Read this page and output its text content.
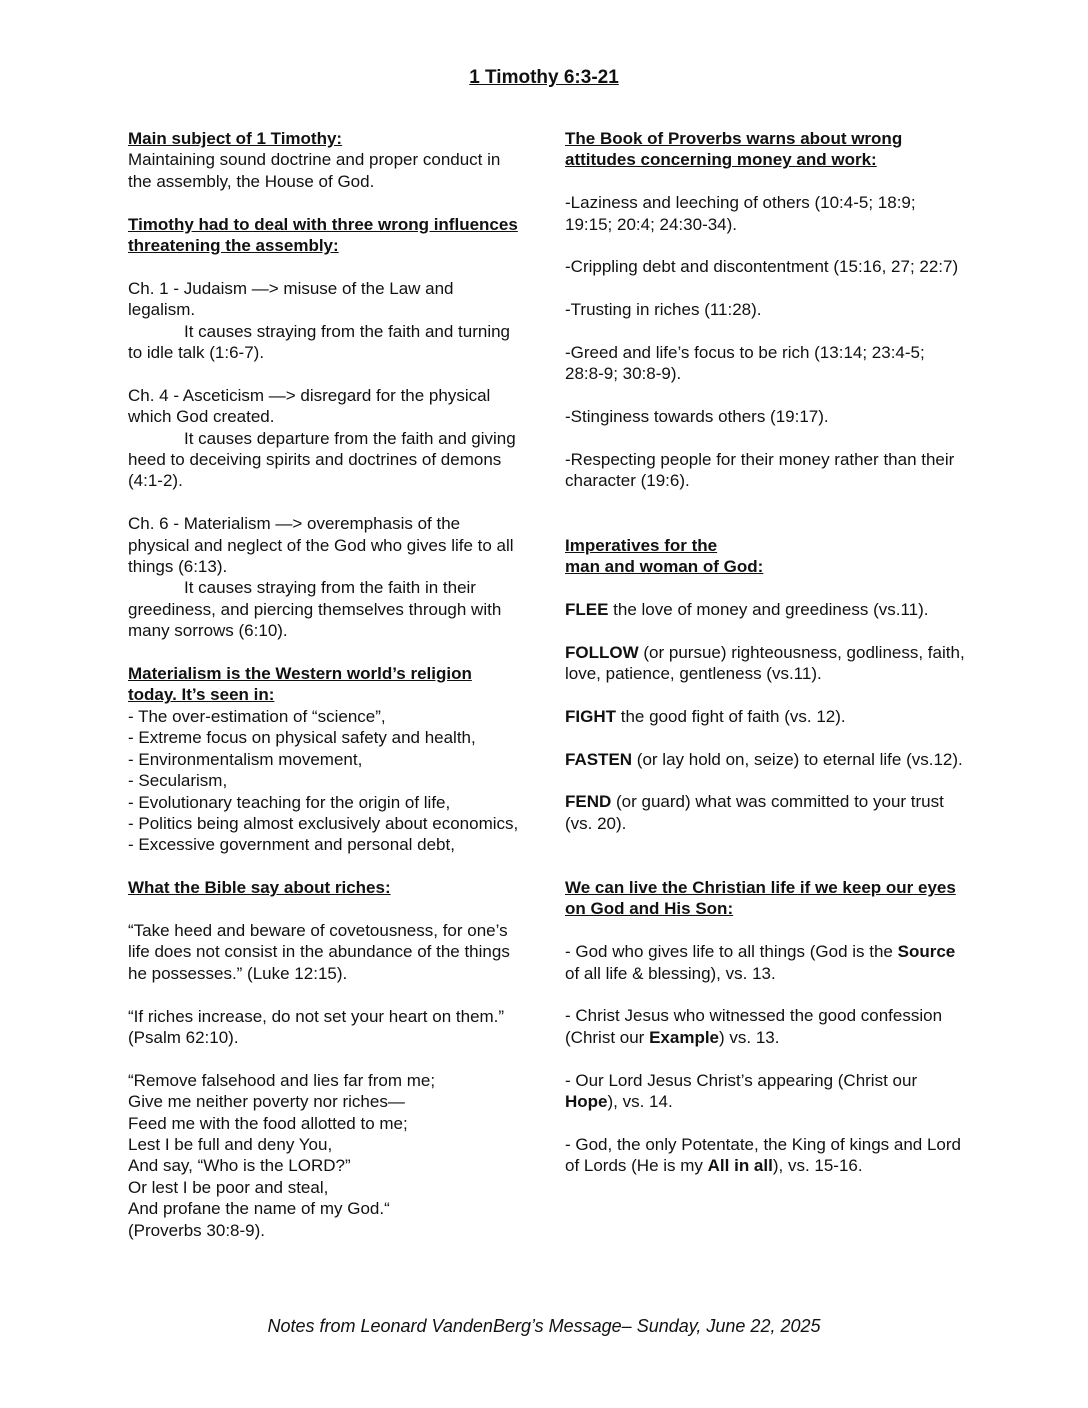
1 Timothy 6:3-21
Main subject of 1 Timothy:
Maintaining sound doctrine and proper conduct in the assembly, the House of God.
Timothy had to deal with three wrong influences threatening the assembly:
Ch. 1 - Judaism —> misuse of the Law and legalism.
It causes straying from the faith and turning to idle talk (1:6-7).
Ch. 4 - Asceticism —> disregard for the physical which God created.
It causes departure from the faith and giving heed to deceiving spirits and doctrines of demons (4:1-2).
Ch. 6 - Materialism —> overemphasis of the physical and neglect of the God who gives life to all things (6:13).
It causes straying from the faith in their greediness, and piercing themselves through with many sorrows (6:10).
Materialism is the Western world’s religion today. It’s seen in:
- The over-estimation of “science”,
- Extreme focus on physical safety and health,
- Environmentalism movement,
- Secularism,
- Evolutionary teaching for the origin of life,
- Politics being almost exclusively about economics,
- Excessive government and personal debt,
What the Bible say about riches:
“Take heed and beware of covetousness, for one’s life does not consist in the abundance of the things he possesses.” (Luke 12:15).
“If riches increase, do not set your heart on them.” (Psalm 62:10).
“Remove falsehood and lies far from me;
Give me neither poverty nor riches—
Feed me with the food allotted to me;
Lest I be full and deny You,
And say, “Who is the LORD?”
Or lest I be poor and steal,
And profane the name of my God.“
(Proverbs 30:8-9).
The Book of Proverbs warns about wrong attitudes concerning money and work:
-Laziness and leeching of others (10:4-5; 18:9; 19:15; 20:4; 24:30-34).
-Crippling debt and discontentment (15:16, 27; 22:7)
-Trusting in riches (11:28).
-Greed and life’s focus to be rich (13:14; 23:4-5; 28:8-9; 30:8-9).
-Stinginess towards others (19:17).
-Respecting people for their money rather than their character (19:6).
Imperatives for the
man and woman of God:
FLEE the love of money and greediness (vs.11).
FOLLOW (or pursue) righteousness, godliness, faith, love, patience, gentleness (vs.11).
FIGHT the good fight of faith (vs. 12).
FASTEN (or lay hold on, seize) to eternal life (vs.12).
FEND (or guard) what was committed to your trust (vs. 20).
We can live the Christian life if we keep our eyes on God and His Son:
- God who gives life to all things (God is the Source of all life & blessing), vs. 13.
- Christ Jesus who witnessed the good confession (Christ our Example) vs. 13.
- Our Lord Jesus Christ’s appearing (Christ our Hope), vs. 14.
- God, the only Potentate, the King of kings and Lord of Lords (He is my All in all), vs. 15-16.
Notes from Leonard VandenBerg’s Message– Sunday, June 22, 2025
